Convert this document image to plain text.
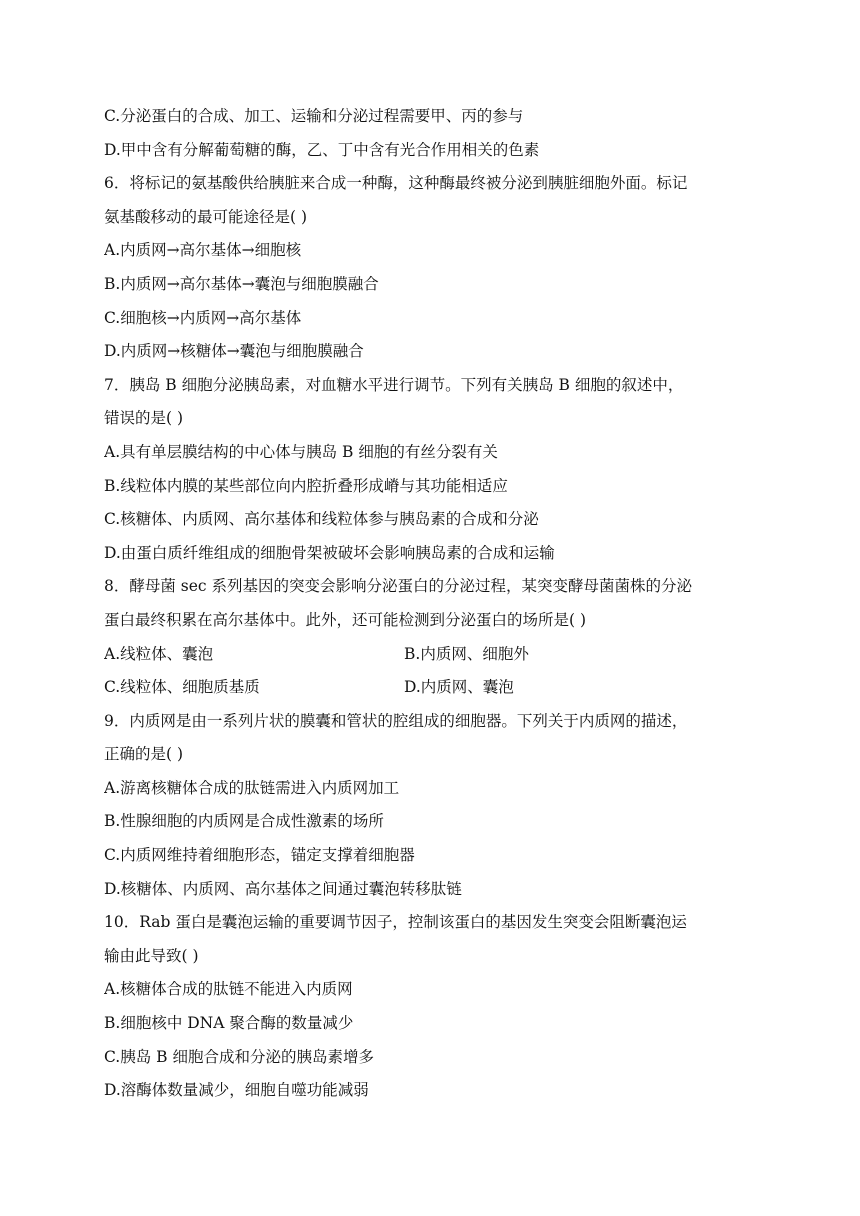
C.分泌蛋白的合成、加工、运输和分泌过程需要甲、丙的参与
D.甲中含有分解葡萄糖的酶，乙、丁中含有光合作用相关的色素
6．将标记的氨基酸供给胰脏来合成一种酶，这种酶最终被分泌到胰脏细胞外面。标记
氨基酸移动的最可能途径是( )
A.内质网→高尔基体→细胞核
B.内质网→高尔基体→囊泡与细胞膜融合
C.细胞核→内质网→高尔基体
D.内质网→核糖体→囊泡与细胞膜融合
7．胰岛 B 细胞分泌胰岛素，对血糖水平进行调节。下列有关胰岛 B 细胞的叙述中，
错误的是( )
A.具有单层膜结构的中心体与胰岛 B 细胞的有丝分裂有关
B.线粒体内膜的某些部位向内腔折叠形成嵴与其功能相适应
C.核糖体、内质网、高尔基体和线粒体参与胰岛素的合成和分泌
D.由蛋白质纤维组成的细胞骨架被破坏会影响胰岛素的合成和运输
8．酵母菌 sec 系列基因的突变会影响分泌蛋白的分泌过程，某突变酵母菌菌株的分泌
蛋白最终积累在高尔基体中。此外，还可能检测到分泌蛋白的场所是( )
A.线粒体、囊泡	B.内质网、细胞外
C.线粒体、细胞质基质	D.内质网、囊泡
9．内质网是由一系列片状的膜囊和管状的腔组成的细胞器。下列关于内质网的描述，
正确的是( )
A.游离核糖体合成的肽链需进入内质网加工
B.性腺细胞的内质网是合成性激素的场所
C.内质网维持着细胞形态，锚定支撑着细胞器
D.核糖体、内质网、高尔基体之间通过囊泡转移肽链
10．Rab 蛋白是囊泡运输的重要调节因子，控制该蛋白的基因发生突变会阻断囊泡运
输由此导致( )
A.核糖体合成的肽链不能进入内质网
B.细胞核中 DNA 聚合酶的数量减少
C.胰岛 B 细胞合成和分泌的胰岛素增多
D.溶酶体数量减少，细胞自噬功能减弱
